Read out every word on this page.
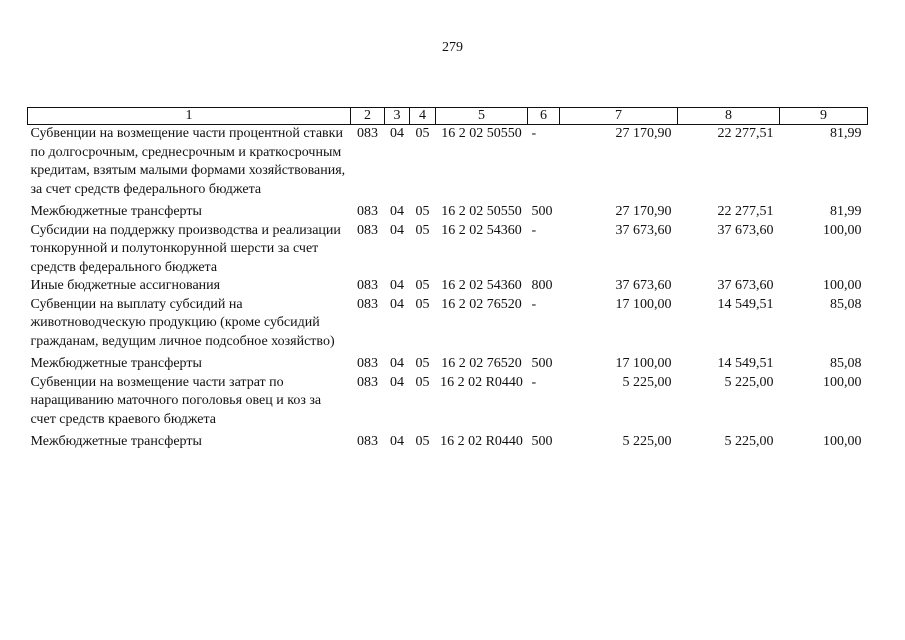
279
1	2	3	4	5	6	7	8	9
Субвенции на возмещение части процентной ставки по долгосрочным, среднесрочным и краткосрочным кредитам, взятым малыми формами хозяйствования, за счет средств федерального бюджета	083	04	05	16 2 02 50550	-	27 170,90	22 277,51	81,99
Межбюджетные трансферты	083	04	05	16 2 02 50550	500	27 170,90	22 277,51	81,99
Субсидии на поддержку производства и реализации тонкорунной и полутонкорунной шерсти за счет средств федерального бюджета	083	04	05	16 2 02 54360	-	37 673,60	37 673,60	100,00
Иные бюджетные ассигнования	083	04	05	16 2 02 54360	800	37 673,60	37 673,60	100,00
Субвенции на выплату субсидий на животноводческую продукцию (кроме субсидий гражданам, ведущим личное подсобное хозяйство)	083	04	05	16 2 02 76520	-	17 100,00	14 549,51	85,08
Межбюджетные трансферты	083	04	05	16 2 02 76520	500	17 100,00	14 549,51	85,08
Субвенции на возмещение части затрат по наращиванию маточного поголовья овец и коз за счет средств краевого бюджета	083	04	05	16 2 02 R0440	-	5 225,00	5 225,00	100,00
Межбюджетные трансферты	083	04	05	16 2 02 R0440	500	5 225,00	5 225,00	100,00
